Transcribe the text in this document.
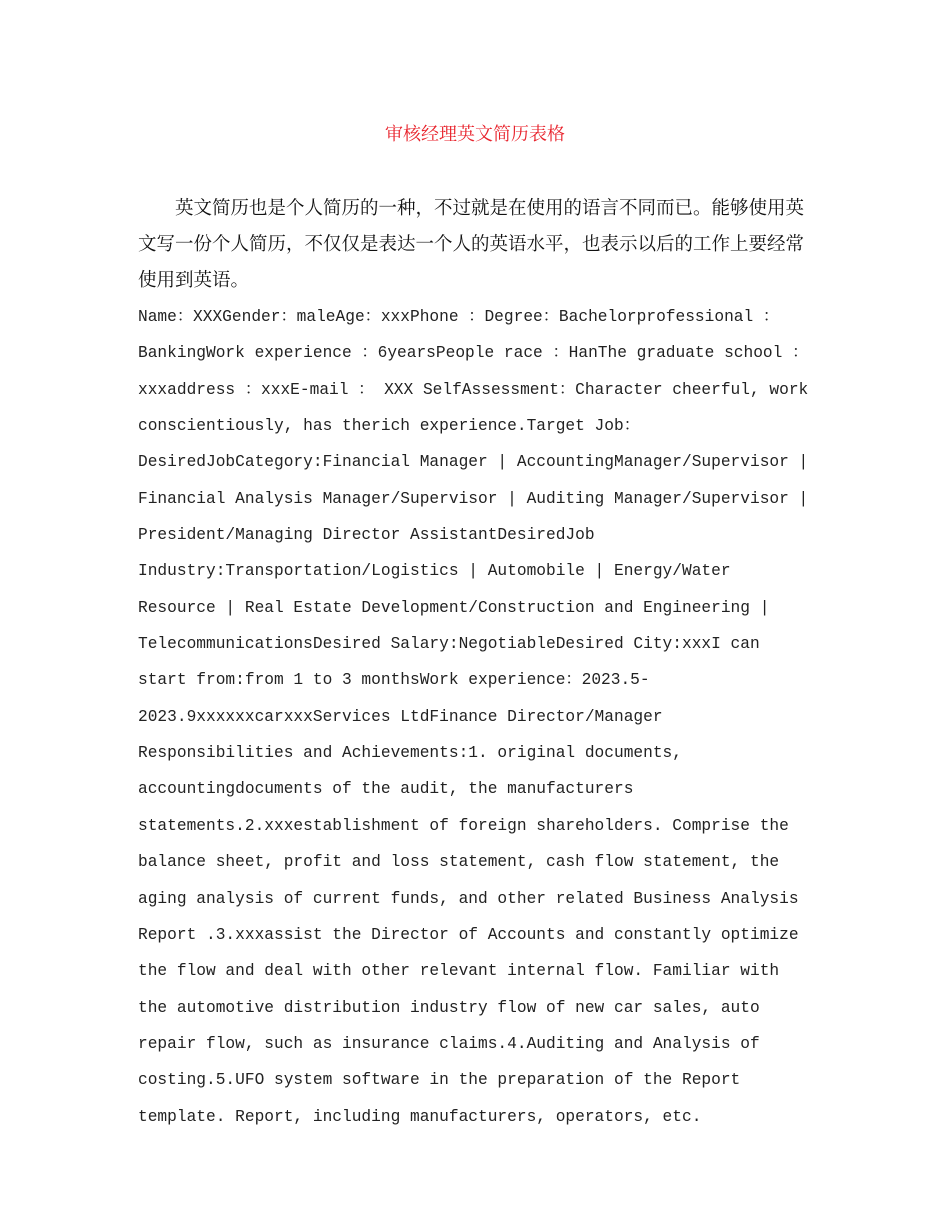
审核经理英文简历表格

英文简历也是个人简历的一种，不过就是在使用的语言不同而已。能够使用英文写一份个人简历，不仅仅是表达一个人的英语水平，也表示以后的工作上要经常使用到英语。

Name：XXXGender：maleAge：xxxPhone ：Degree：Bachelorprofessional ：BankingWork experience ：6yearsPeople race ：HanThe graduate school ：xxxaddress ：xxxE-mail ： XXX SelfAssessment：Character cheerful, work conscientiously, has therich experience.Target Job：DesiredJobCategory:Financial Manager | AccountingManager/Supervisor | Financial Analysis Manager/Supervisor | Auditing Manager/Supervisor | President/Managing Director AssistantDesiredJob Industry:Transportation/Logistics | Automobile | Energy/Water Resource | Real Estate Development/Construction and Engineering | TelecommunicationsDesired Salary:NegotiableDesired City:xxxI can start from:from 1 to 3 monthsWork experience：2023.5-2023.9xxxxxxcarxxxServices LtdFinance Director/Manager Responsibilities and Achievements:1. original documents, accountingdocuments of the audit, the manufacturers statements.2.xxxestablishment of foreign shareholders. Comprise the balance sheet, profit and loss statement, cash flow statement, the aging analysis of current funds, and other related Business Analysis Report .3.xxxassist the Director of Accounts and constantly optimize the flow and deal with other relevant internal flow. Familiar with the automotive distribution industry flow of new car sales, auto repair flow, such as insurance claims.4.Auditing and Analysis of costing.5.UFO system software in the preparation of the Report template. Report, including manufacturers, operators, etc.
